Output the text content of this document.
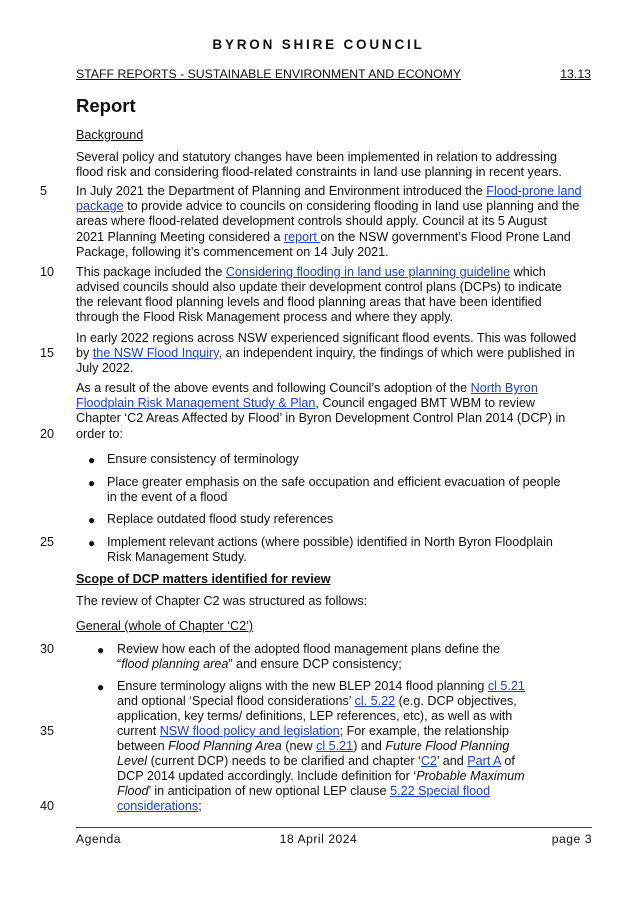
BYRON SHIRE COUNCIL
STAFF REPORTS - SUSTAINABLE ENVIRONMENT AND ECONOMY	13.13
Report
Background
Several policy and statutory changes have been implemented in relation to addressing
flood risk and considering flood-related constraints in land use planning in recent years.
5	In July 2021 the Department of Planning and Environment introduced the Flood-prone land
package to provide advice to councils on considering flooding in land use planning and the
areas where flood-related development controls should apply. Council at its 5 August
2021 Planning Meeting considered a report on the NSW government’s Flood Prone Land
Package, following it’s commencement on 14 July 2021.
10	This package included the Considering flooding in land use planning guideline which
advised councils should also update their development control plans (DCPs) to indicate
the relevant flood planning levels and flood planning areas that have been identified
through the Flood Risk Management process and where they apply.
In early 2022 regions across NSW experienced significant flood events. This was followed
15	by the NSW Flood Inquiry, an independent inquiry, the findings of which were published in
July 2022.
As a result of the above events and following Council’s adoption of the North Byron
Floodplain Risk Management Study & Plan, Council engaged BMT WBM to review
Chapter ‘C2 Areas Affected by Flood’ in Byron Development Control Plan 2014 (DCP) in
20	order to:
● Ensure consistency of terminology
● Place greater emphasis on the safe occupation and efficient evacuation of people
in the event of a flood
● Replace outdated flood study references
25	● Implement relevant actions (where possible) identified in North Byron Floodplain
Risk Management Study.
Scope of DCP matters identified for review
The review of Chapter C2 was structured as follows:
General (whole of Chapter ‘C2’)
30	● Review how each of the adopted flood management plans define the
“flood planning area” and ensure DCP consistency;
● Ensure terminology aligns with the new BLEP 2014 flood planning cl 5.21
and optional ‘Special flood considerations’ cl. 5.22 (e.g. DCP objectives,
application, key terms/ definitions, LEP references, etc), as well as with
35	current NSW flood policy and legislation; For example, the relationship
between Flood Planning Area (new cl 5.21) and Future Flood Planning
Level (current DCP) needs to be clarified and chapter ‘C2’ and Part A of
DCP 2014 updated accordingly. Include definition for ‘Probable Maximum
Flood’ in anticipation of new optional LEP clause 5.22 Special flood
40	considerations;
Agenda	18 April 2024	page 3
